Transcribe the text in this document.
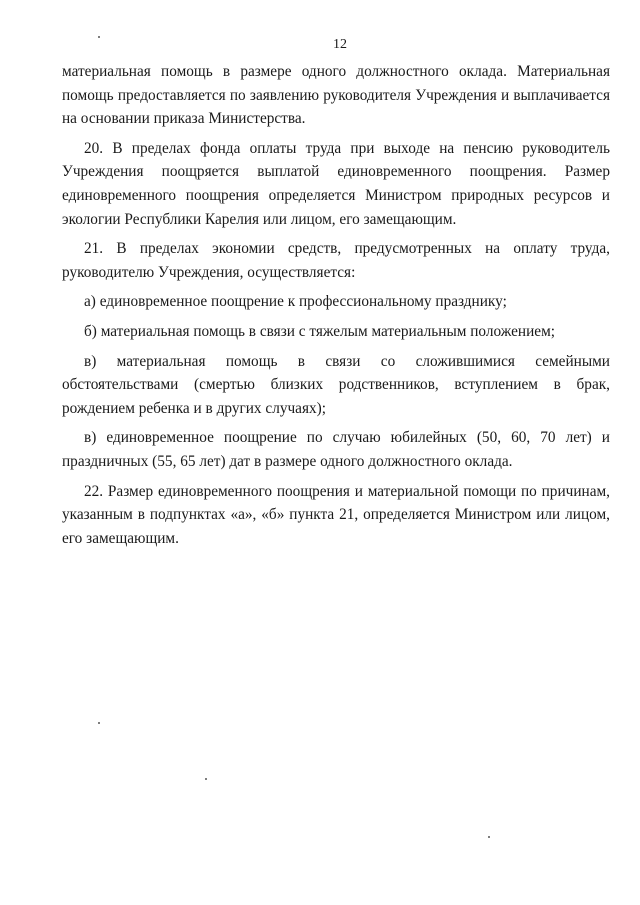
12

материальная помощь в размере одного должностного оклада. Материальная помощь предоставляется по заявлению руководителя Учреждения и выплачивается на основании приказа Министерства.

20. В пределах фонда оплаты труда при выходе на пенсию руководитель Учреждения поощряется выплатой единовременного поощрения. Размер единовременного поощрения определяется Министром природных ресурсов и экологии Республики Карелия или лицом, его замещающим.

21. В пределах экономии средств, предусмотренных на оплату труда, руководителю Учреждения, осуществляется:

а) единовременное поощрение к профессиональному празднику;

б) материальная помощь в связи с тяжелым материальным положением;

в) материальная помощь в связи со сложившимися семейными
обстоятельствами (смертью близких родственников, вступлением в брак, рождением ребенка и в других случаях);

в) единовременное поощрение по случаю юбилейных (50, 60, 70 лет) и праздничных (55, 65 лет) дат в размере одного должностного оклада.

22. Размер единовременного поощрения и материальной помощи по причинам, указанным в подпунктах «а», «б» пункта 21, определяется Министром или лицом, его замещающим.
